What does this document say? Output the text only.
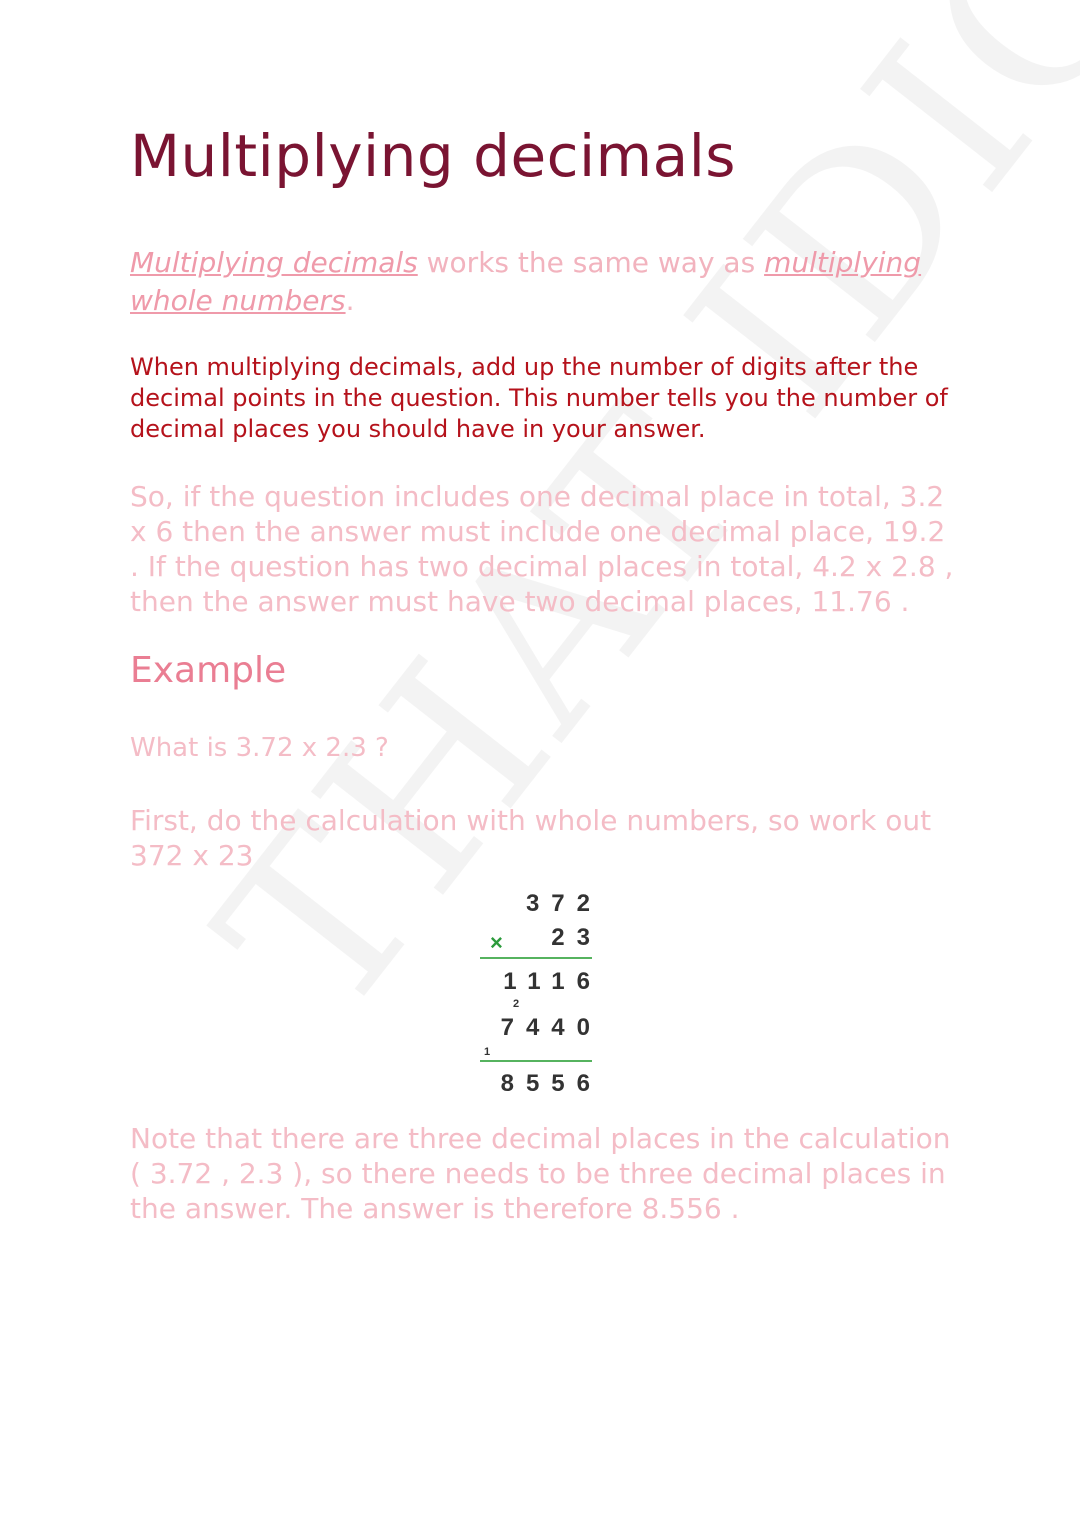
Multiplying decimals

Multiplying decimals works the same way as multiplying whole numbers.

When multiplying decimals, add up the number of digits after the decimal points in the question. This number tells you the number of decimal places you should have in your answer.

So, if the question includes one decimal place in total, 3.2 x 6 then the answer must include one decimal place, 19.2 . If the question has two decimal places in total, 4.2 x 2.8 , then the answer must have two decimal places, 11.76 .

Example

What is 3.72 x 2.3 ?

First, do the calculation with whole numbers, so work out 372 x 23

372
× 23
1116
2
7440
1
8556

Note that there are three decimal places in the calculation ( 3.72 , 2.3 ), so there needs to be three decimal places in the answer. The answer is therefore 8.556 .
